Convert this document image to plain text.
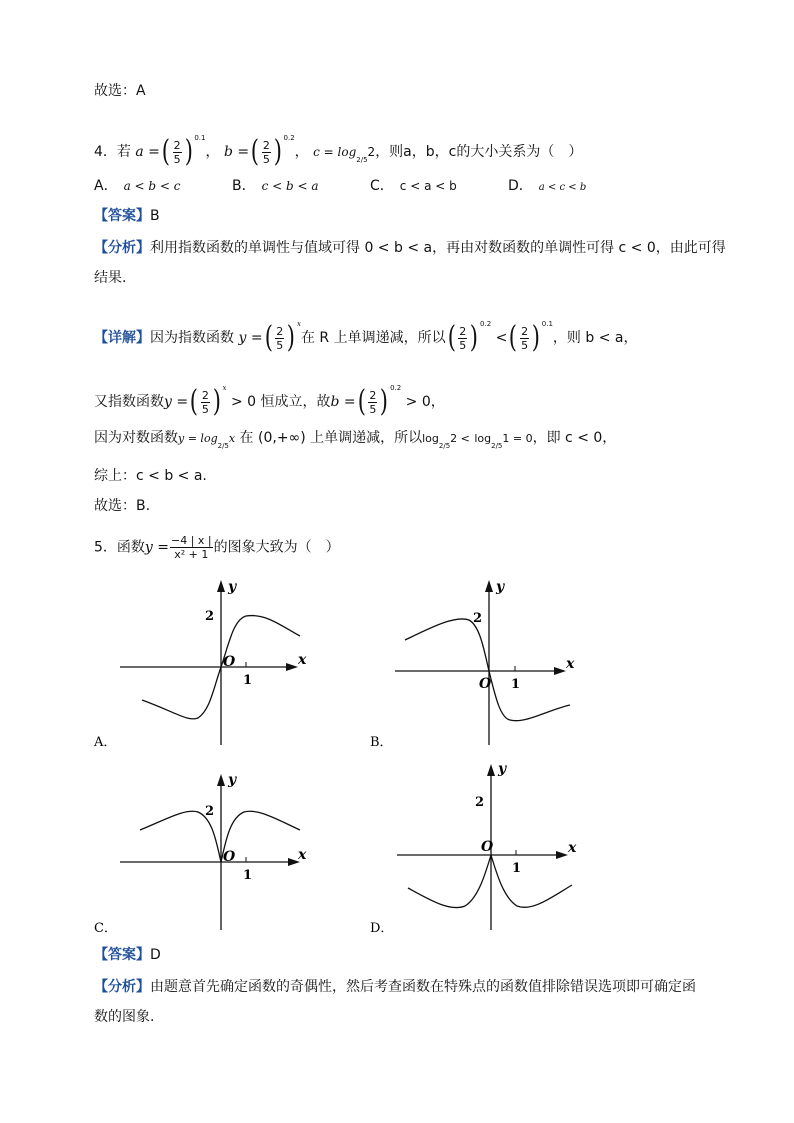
故选：A
4．若 a =( $\frac{2}{5}$ ) $^{0.1}$， b =( $\frac{2}{5}$ ) $^{0.2}$， $c = \log_{2/5}2$，则a，b，c的大小关系为（　）
A． a < b < c	B． c < b < a	C． c < a < b	D． a < c < b
【答案】B
【分析】利用指数函数的单调性与值域可得 0 < b < a，再由对数函数的单调性可得 c < 0，由此可得
结果.
【详解】因为指数函数 y =( $\frac{2}{5}$ ) $^x$在 R 上单调递减，所以( $\frac{2}{5}$ ) $^{0.2}$ <( $\frac{2}{5}$ ) $^{0.1}$，则 b < a，
又指数函数y =( $\frac{2}{5}$ ) $^x$ > 0 恒成立，故b =( $\frac{2}{5}$ ) $^{0.2}$ > 0，
因为对数函数$y = \log_{2/5}x$ 在 (0,+∞) 上单调递减，所以$\log_{2/5}2 < \log_{2/5}1 = 0$，即 c < 0，
综上：c < b < a.
故选：B.
5．函数$y = \frac{-4 | x |}{\text{x² + 1}}$ 的图象大致为（　）
y
x
O
2
1
A．
y
x
O
2
1
B．
y
x
O
2
1
C．
y
x
O
2
1
D．
【答案】D
【分析】由题意首先确定函数的奇偶性，然后考查函数在特殊点的函数值排除错误选项即可确定函
数的图象.
